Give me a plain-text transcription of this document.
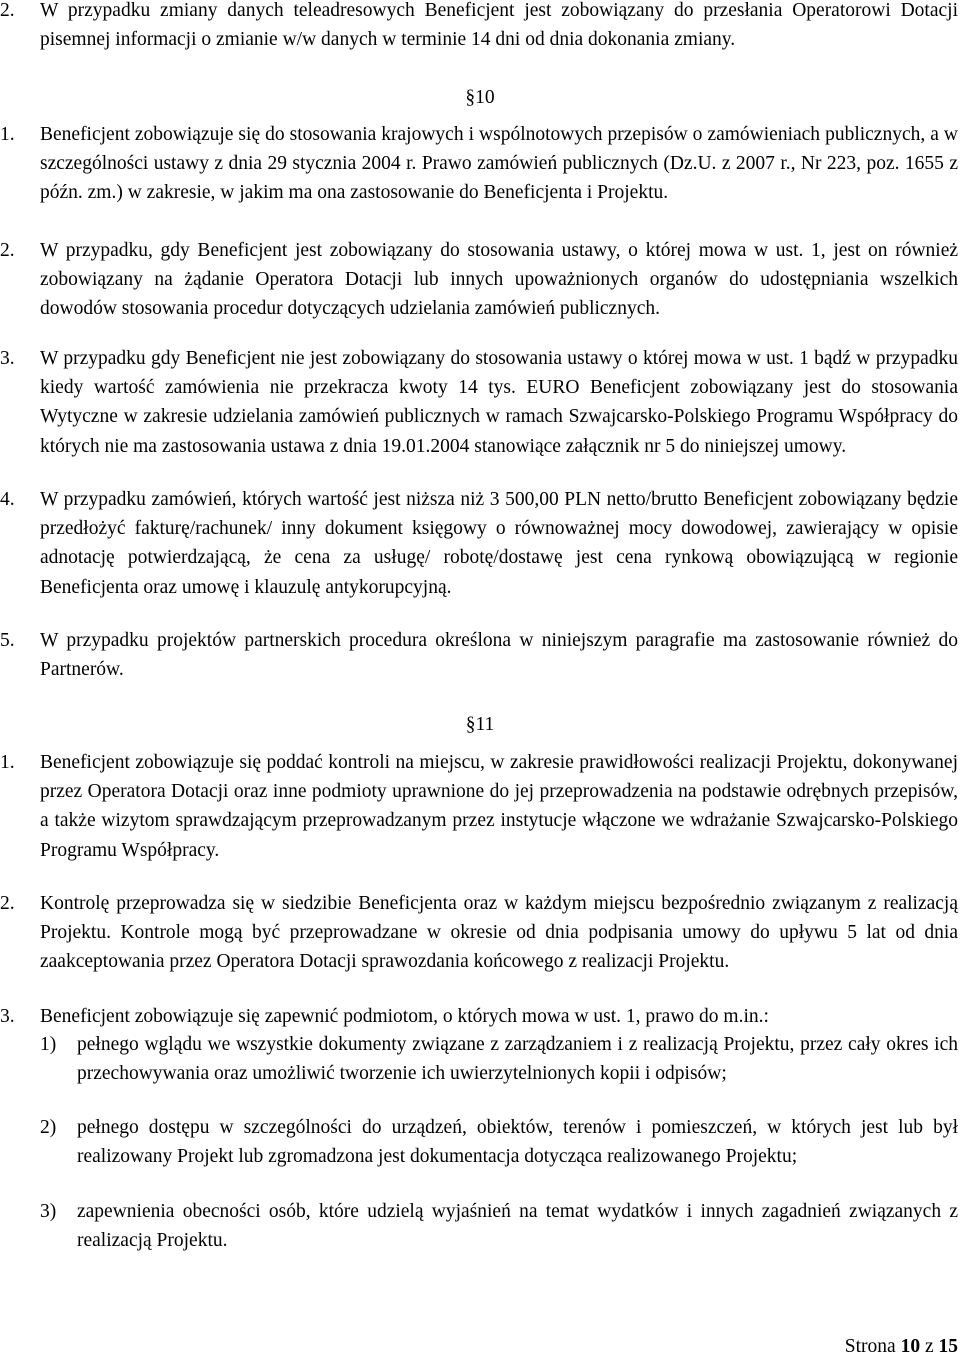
2.	W przypadku zmiany danych teleadresowych Beneficjent jest zobowiązany do przesłania Operatorowi Dotacji pisemnej informacji o zmianie w/w danych w terminie 14 dni od dnia dokonania zmiany.
§10
1.	Beneficjent zobowiązuje się do stosowania krajowych i wspólnotowych przepisów o zamówieniach publicznych, a w szczególności ustawy z dnia 29 stycznia 2004 r. Prawo zamówień publicznych (Dz.U. z 2007 r., Nr 223, poz. 1655 z późn. zm.) w zakresie, w jakim ma ona zastosowanie do Beneficjenta i Projektu.
2.	W przypadku, gdy Beneficjent jest zobowiązany do stosowania ustawy, o której mowa w ust. 1, jest on również zobowiązany na żądanie Operatora Dotacji lub innych upoważnionych organów do udostępniania wszelkich dowodów stosowania procedur dotyczących udzielania zamówień publicznych.
3.	W przypadku gdy Beneficjent nie jest zobowiązany do stosowania ustawy o której mowa w ust. 1 bądź w przypadku kiedy wartość zamówienia nie przekracza kwoty 14 tys. EURO Beneficjent zobowiązany jest do stosowania Wytyczne w zakresie udzielania zamówień publicznych w ramach Szwajcarsko-Polskiego Programu Współpracy do których nie ma zastosowania ustawa z dnia 19.01.2004 stanowiące załącznik nr 5 do niniejszej umowy.
4.	W przypadku zamówień, których wartość jest niższa niż 3 500,00 PLN netto/brutto Beneficjent zobowiązany będzie przedłożyć fakturę/rachunek/ inny dokument księgowy o równoważnej mocy dowodowej, zawierający w opisie adnotację potwierdzającą, że cena za usługę/ robotę/dostawę jest cena rynkową obowiązującą w regionie Beneficjenta oraz umowę i klauzulę antykorupcyjną.
5.	W przypadku projektów partnerskich procedura określona w niniejszym paragrafie ma zastosowanie również do Partnerów.
§11
1.	Beneficjent zobowiązuje się poddać kontroli na miejscu, w zakresie prawidłowości realizacji Projektu, dokonywanej przez Operatora Dotacji oraz inne podmioty uprawnione do jej przeprowadzenia na podstawie odrębnych przepisów, a także wizytom sprawdzającym przeprowadzanym przez instytucje włączone we wdrażanie Szwajcarsko-Polskiego Programu Współpracy.
2.	Kontrolę przeprowadza się w siedzibie Beneficjenta oraz w każdym miejscu bezpośrednio związanym z realizacją Projektu. Kontrole mogą być przeprowadzane w okresie od dnia podpisania umowy do upływu 5 lat od dnia zaakceptowania przez Operatora Dotacji sprawozdania końcowego z realizacji Projektu.
3.	Beneficjent zobowiązuje się zapewnić podmiotom, o których mowa w ust. 1, prawo do m.in.:
1)	pełnego wglądu we wszystkie dokumenty związane z zarządzaniem i z realizacją Projektu, przez cały okres ich przechowywania oraz umożliwić tworzenie ich uwierzytelnionych kopii i odpisów;
2)	pełnego dostępu w szczególności do urządzeń, obiektów, terenów i pomieszczeń, w których jest lub był realizowany Projekt lub zgromadzona jest dokumentacja dotycząca realizowanego Projektu;
3)	zapewnienia obecności osób, które udzielą wyjaśnień na temat wydatków i innych zagadnień związanych z realizacją Projektu.
Strona 10 z 15
